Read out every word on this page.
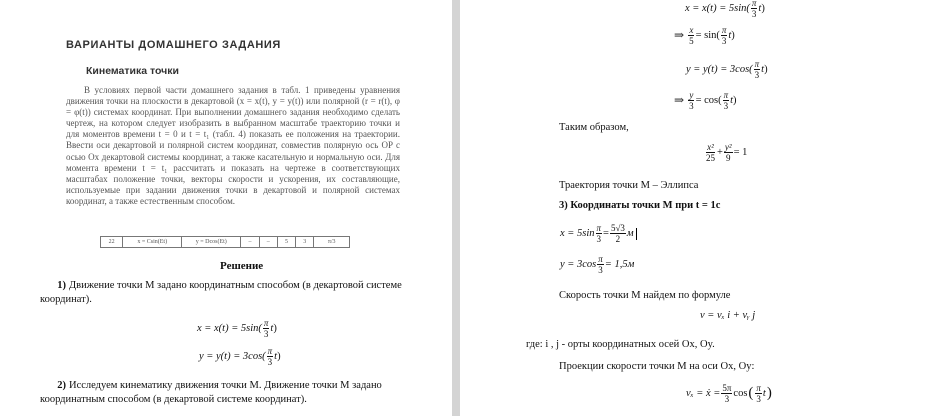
ВАРИАНТЫ ДОМАШНЕГО ЗАДАНИЯ
Кинематика точки

В условиях первой части домашнего задания в табл. 1 приведены уравнения движения точки на плоскости в декартовой (x = x(t), y = y(t)) или полярной (r = r(t), φ = φ(t)) системах координат. При выполнении домашнего задания необходимо сделать чертеж, на котором следует изобразить в выбранном масштабе траекторию точки и для моментов времени t = 0 и t = t₁ (табл. 4) показать ее положения на траектории. Ввести оси декартовой и полярной систем координат, совместив полярную ось OP с осью Ox декартовой системы координат, а также касательную и нормальную оси. Для момента времени t = t₁ рассчитать и показать на чертеже в соответствующих масштабах положение точки, векторы скорости и ускорения, их составляющие, используемые при задании движения точки в декартовой и полярной системах координат, а также естественным способом.

22	x = Csin(Et)	y = Dcos(Et)	–	–	5	3	π/3
Решение
1) Движение точки М задано координатным способом (в декартовой системе координат).
$x = x(t) = 5\sin( \frac{\pi}{3}$ t )
$y = y(t) = 3\cos( \frac{\pi}{3}$ t )
2) Исследуем кинематику движения точки М. Движение точки М задано координатным способом (в декартовой системе координат).
$x = x(t) = 5\sin( \frac{\pi}{3}$ t )
⇒ $\frac{x}{5} = \sin( \frac{\pi}{3}$ t )
$y = y(t) = 3\cos( \frac{\pi}{3}$ t )
⇒ $\frac{y}{3} = \cos( \frac{\pi}{3}$ t )
Таким образом,
$\frac{\text{x²}}{25} + \frac{\text{y²}}{9} = 1$
Траектория точки М – Эллипса
3) Координаты точки М при t = 1c
$x = 5\sin \frac{\pi}{3} = \frac{5√3}{2}$ м
$y = 3\cos \frac{\pi}{3} = 1,5м$
Скорость точки М найдем по формуле
v = vₓ i + vᵧ j
где: i , j - орты координатных осей Ox, Oy.
Проекции скорости точки М на оси Ox, Oy:
vₓ = ẋ = $\frac{5\pi}{3}$ cos ( $\frac{\pi}{3}$ t )
